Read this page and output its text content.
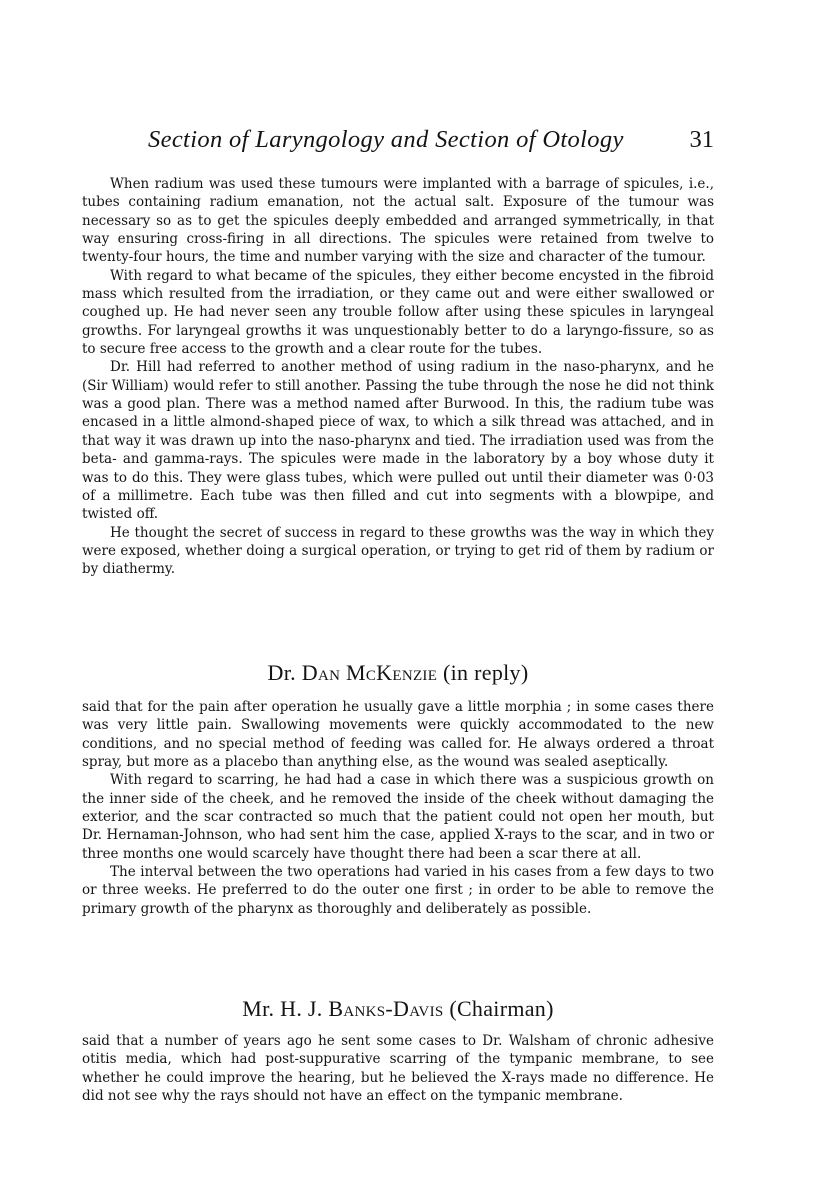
Section of Laryngology and Section of Otology	31

When radium was used these tumours were implanted with a barrage of spicules, i.e., tubes containing radium emanation, not the actual salt. Exposure of the tumour was necessary so as to get the spicules deeply embedded and arranged symmetrically, in that way ensuring cross-firing in all directions. The spicules were retained from twelve to twenty-four hours, the time and number varying with the size and character of the tumour.

With regard to what became of the spicules, they either become encysted in the fibroid mass which resulted from the irradiation, or they came out and were either swallowed or coughed up. He had never seen any trouble follow after using these spicules in laryngeal growths. For laryngeal growths it was unquestionably better to do a laryngo-fissure, so as to secure free access to the growth and a clear route for the tubes.

Dr. Hill had referred to another method of using radium in the naso-pharynx, and he (Sir William) would refer to still another. Passing the tube through the nose he did not think was a good plan. There was a method named after Burwood. In this, the radium tube was encased in a little almond-shaped piece of wax, to which a silk thread was attached, and in that way it was drawn up into the naso-pharynx and tied. The irradiation used was from the beta- and gamma-rays. The spicules were made in the laboratory by a boy whose duty it was to do this. They were glass tubes, which were pulled out until their diameter was 0·03 of a millimetre. Each tube was then filled and cut into segments with a blowpipe, and twisted off.

He thought the secret of success in regard to these growths was the way in which they were exposed, whether doing a surgical operation, or trying to get rid of them by radium or by diathermy.

Dr. Dan McKenzie (in reply)

said that for the pain after operation he usually gave a little morphia ; in some cases there was very little pain. Swallowing movements were quickly accommodated to the new conditions, and no special method of feeding was called for. He always ordered a throat spray, but more as a placebo than anything else, as the wound was sealed aseptically.

With regard to scarring, he had had a case in which there was a suspicious growth on the inner side of the cheek, and he removed the inside of the cheek without damaging the exterior, and the scar contracted so much that the patient could not open her mouth, but Dr. Hernaman-Johnson, who had sent him the case, applied X-rays to the scar, and in two or three months one would scarcely have thought there had been a scar there at all.

The interval between the two operations had varied in his cases from a few days to two or three weeks. He preferred to do the outer one first ; in order to be able to remove the primary growth of the pharynx as thoroughly and deliberately as possible.

Mr. H. J. Banks-Davis (Chairman)

said that a number of years ago he sent some cases to Dr. Walsham of chronic adhesive otitis media, which had post-suppurative scarring of the tympanic membrane, to see whether he could improve the hearing, but he believed the X-rays made no difference. He did not see why the rays should not have an effect on the tympanic membrane.
